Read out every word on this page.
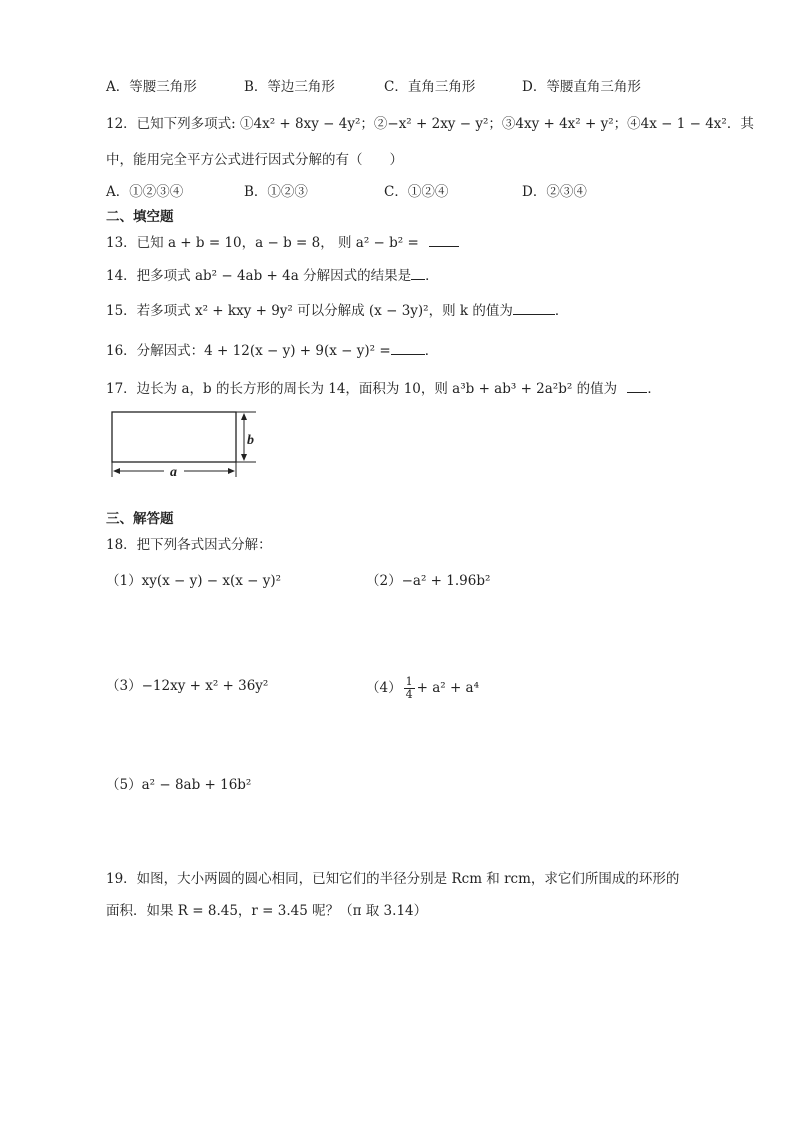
A．等腰三角形	B．等边三角形	C．直角三角形	D．等腰直角三角形
12．已知下列多项式: ①4x² + 8xy − 4y²；②−x² + 2xy − y²；③4xy + 4x² + y²；④4x − 1 − 4x²．其
中，能用完全平方公式进行因式分解的有（　　）
A．①②③④	B．①②③	C．①②④	D．②③④
二、填空题
13．已知 a + b = 10，a − b = 8， 则 a² − b² =
14．把多项式 ab² − 4ab + 4a 分解因式的结果是 ．
15．若多项式 x² + kxy + 9y² 可以分解成 (x − 3y)²，则 k 的值为	．
16．分解因式：4 + 12(x − y) + 9(x − y)² =	．
17．边长为 a，b 的长方形的周长为 14，面积为 10，则 a³b + ab³ + 2a²b² 的值为 ．
b
a
三、解答题
18．把下列各式因式分解：
（1）xy(x − y) − x(x − y)²	（2）−a² + 1.96b²
（3）−12xy + x² + 36y²	$(4) \frac{1}{4} + a^2 + a^4$
（5）a² − 8ab + 16b²
19．如图，大小两圆的圆心相同，已知它们的半径分别是 Rcm 和 rcm，求它们所围成的环形的
面积．如果 R = 8.45，r = 3.45 呢？（π 取 3.14）
